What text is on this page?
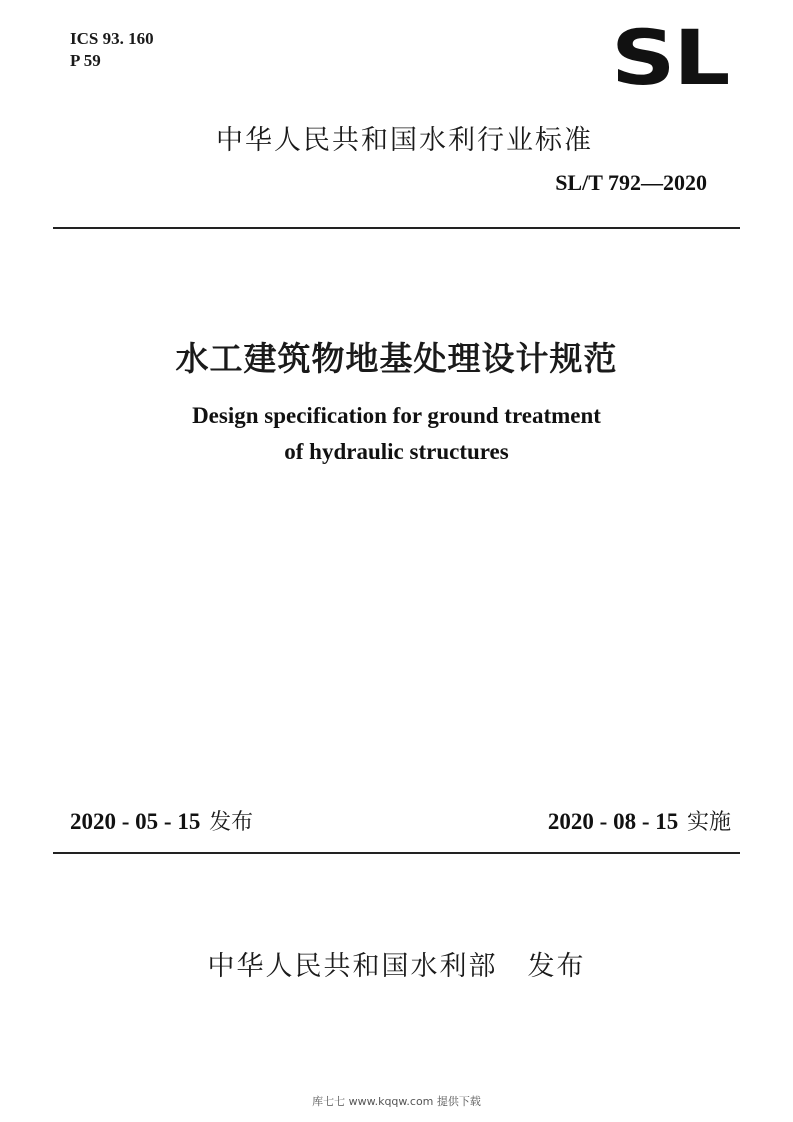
ICS 93. 160
P 59	SL
中华人民共和国水利行业标准
SL/T 792—2020
水工建筑物地基处理设计规范
Design specification for ground treatment
of hydraulic structures
2020 - 05 - 15 发布	2020 - 08 - 15 实施
中华人民共和国水利部 发布
库七七 www.kqqw.com 提供下载
